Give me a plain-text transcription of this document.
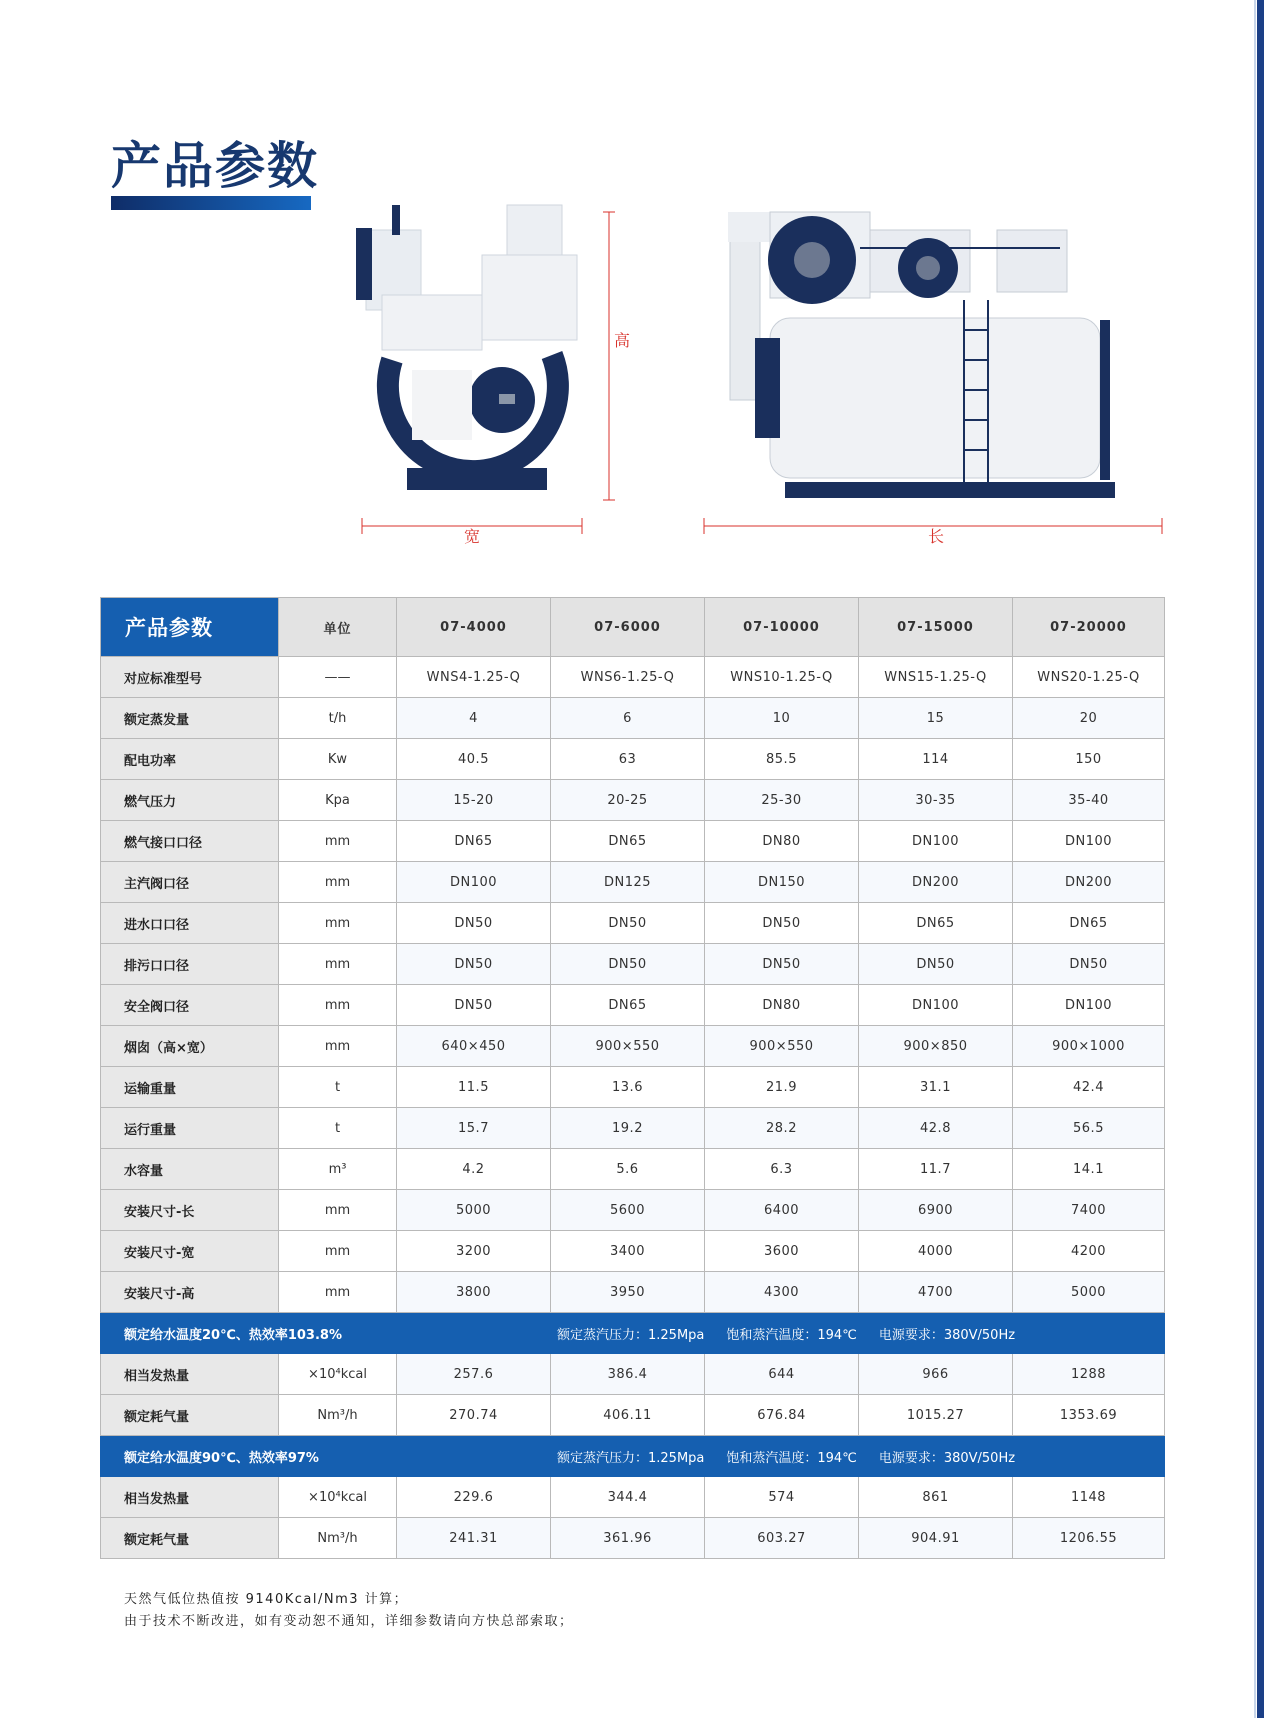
产品参数
高
宽	长
产品参数	单位	07-4000	07-6000	07-10000	07-15000	07-20000
对应标准型号	——	WNS4-1.25-Q	WNS6-1.25-Q	WNS10-1.25-Q	WNS15-1.25-Q	WNS20-1.25-Q
额定蒸发量	t/h	4	6	10	15	20
配电功率	Kw	40.5	63	85.5	114	150
燃气压力	Kpa	15-20	20-25	25-30	30-35	35-40
燃气接口口径	mm	DN65	DN65	DN80	DN100	DN100
主汽阀口径	mm	DN100	DN125	DN150	DN200	DN200
进水口口径	mm	DN50	DN50	DN50	DN65	DN65
排污口口径	mm	DN50	DN50	DN50	DN50	DN50
安全阀口径	mm	DN50	DN65	DN80	DN100	DN100
烟囱（高×宽）	mm	640×450	900×550	900×550	900×850	900×1000
运输重量	t	11.5	13.6	21.9	31.1	42.4
运行重量	t	15.7	19.2	28.2	42.8	56.5
水容量	m³	4.2	5.6	6.3	11.7	14.1
安装尺寸-长	mm	5000	5600	6400	6900	7400
安装尺寸-宽	mm	3200	3400	3600	4000	4200
安装尺寸-高	mm	3800	3950	4300	4700	5000
额定给水温度20℃、热效率103.8%			额定蒸汽压力：1.25Mpa 饱和蒸汽温度：194℃ 电源要求：380V/50Hz			
相当发热量	×10⁴kcal	257.6	386.4	644	966	1288
额定耗气量	Nm³/h	270.74	406.11	676.84	1015.27	1353.69
额定给水温度90℃、热效率97%			额定蒸汽压力：1.25Mpa 饱和蒸汽温度：194℃ 电源要求：380V/50Hz			
相当发热量	×10⁴kcal	229.6	344.4	574	861	1148
额定耗气量	Nm³/h	241.31	361.96	603.27	904.91	1206.55

天然气低位热值按 9140Kcal/Nm3 计算；

由于技术不断改进，如有变动恕不通知，详细参数请向方快总部索取；
